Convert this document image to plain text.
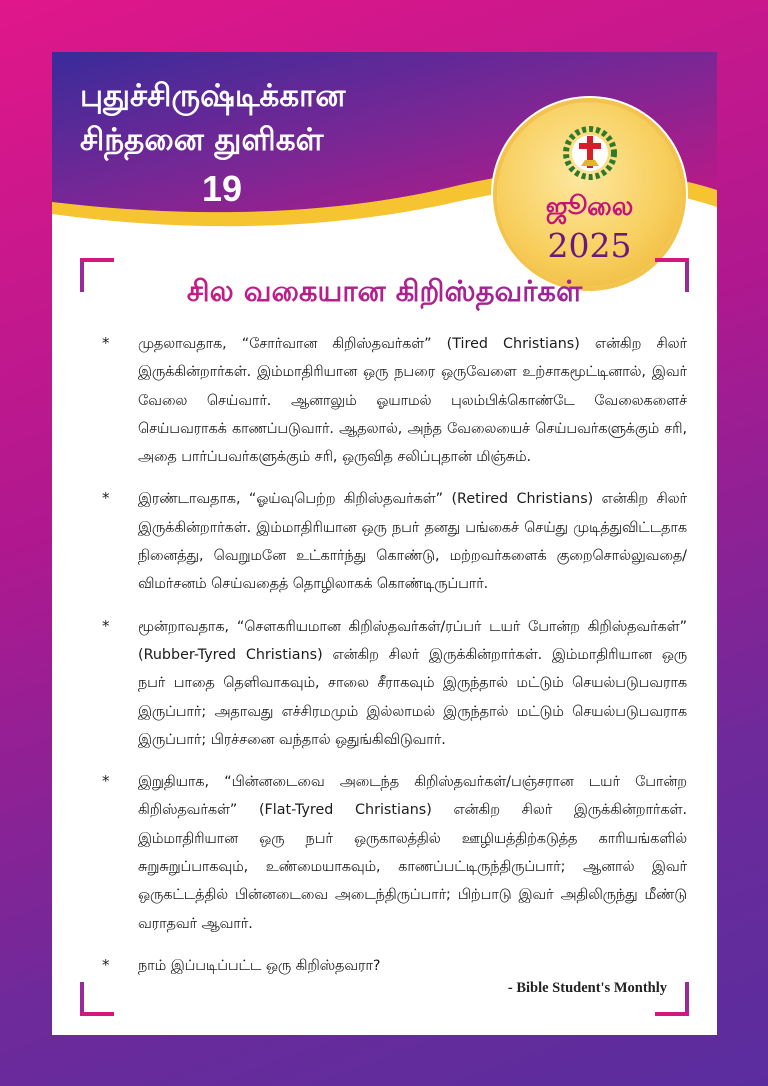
புதுச்சிருஷ்டிக்கான
சிந்தனை துளிகள்
19	ஜூலை
2025
சில வகையான கிறிஸ்தவர்கள்
* முதலாவதாக, “சோர்வான கிறிஸ்தவர்கள்” (Tired Christians) என்கிற சிலர் இருக்கின்றார்கள். இம்மாதிரியான ஒரு நபரை ஒருவேளை உற்சாகமூட்டினால், இவர் வேலை செய்வார். ஆனாலும் ஓயாமல் புலம்பிக்கொண்டே வேலைகளைச் செய்பவராகக் காணப்படுவார். ஆதலால், அந்த வேலையைச் செய்பவர்களுக்கும் சரி, அதை பார்ப்பவர்களுக்கும் சரி, ஒருவித சலிப்புதான் மிஞ்சும்.
* இரண்டாவதாக, “ஓய்வுபெற்ற கிறிஸ்தவர்கள்” (Retired Christians) என்கிற சிலர் இருக்கின்றார்கள். இம்மாதிரியான ஒரு நபர் தனது பங்கைச் செய்து முடித்துவிட்டதாக நினைத்து, வெறுமனே உட்கார்ந்து கொண்டு, மற்றவர்களைக் குறைசொல்லுவதை/ விமர்சனம் செய்வதைத் தொழிலாகக் கொண்டிருப்பார்.
* மூன்றாவதாக, “சௌகரியமான கிறிஸ்தவர்கள்/ரப்பர் டயர் போன்ற கிறிஸ்தவர்கள்” (Rubber-Tyred Christians) என்கிற சிலர் இருக்கின்றார்கள். இம்மாதிரியான ஒரு நபர் பாதை தெளிவாகவும், சாலை சீராகவும் இருந்தால் மட்டும் செயல்படுபவராக இருப்பார்; அதாவது எச்சிரமமும் இல்லாமல் இருந்தால் மட்டும் செயல்படுபவராக இருப்பார்; பிரச்சனை வந்தால் ஒதுங்கிவிடுவார்.
* இறுதியாக, “பின்னடைவை அடைந்த கிறிஸ்தவர்கள்/பஞ்சரான டயர் போன்ற கிறிஸ்தவர்கள்” (Flat-Tyred Christians) என்கிற சிலர் இருக்கின்றார்கள். இம்மாதிரியான ஒரு நபர் ஒருகாலத்தில் ஊழியத்திற்கடுத்த காரியங்களில் சுறுசுறுப்பாகவும், உண்மையாகவும், காணப்பட்டிருந்திருப்பார்; ஆனால் இவர் ஒருகட்டத்தில் பின்னடைவை அடைந்திருப்பார்; பிற்பாடு இவர் அதிலிருந்து மீண்டு வராதவர் ஆவார்.
* நாம் இப்படிப்பட்ட ஒரு கிறிஸ்தவரா?
- Bible Student's Monthly
